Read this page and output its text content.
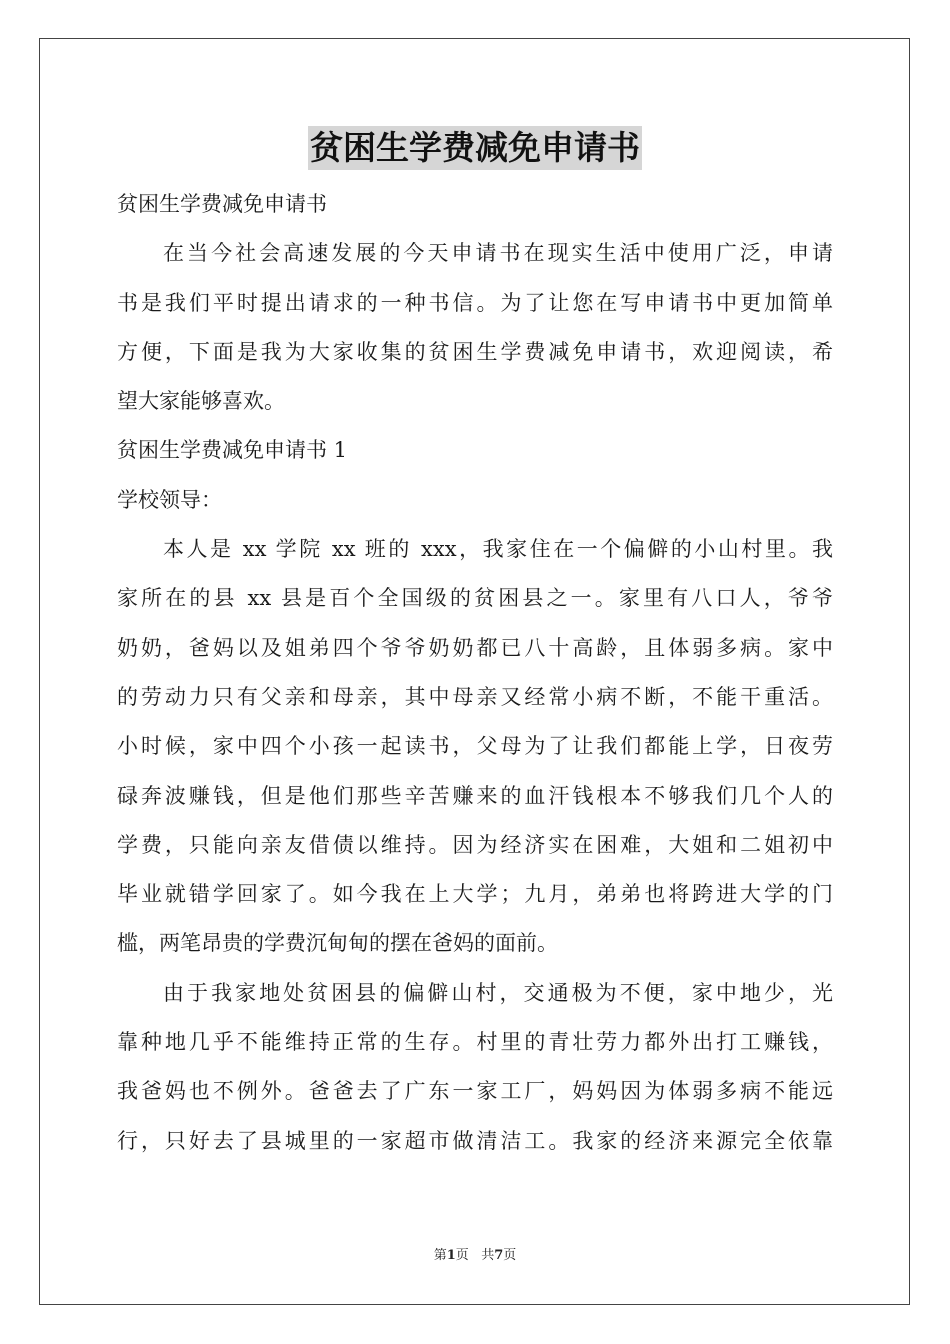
贫困生学费减免申请书

贫困生学费减免申请书

在当今社会高速发展的今天申请书在现实生活中使用广泛，申请

书是我们平时提出请求的一种书信。为了让您在写申请书中更加简单

方便，下面是我为大家收集的贫困生学费减免申请书，欢迎阅读，希

望大家能够喜欢。

贫困生学费减免申请书 1

学校领导：

本人是 xx 学院 xx 班的 xxx，我家住在一个偏僻的小山村里。我

家所在的县 xx 县是百个全国级的贫困县之一。家里有八口人，爷爷

奶奶，爸妈以及姐弟四个爷爷奶奶都已八十高龄，且体弱多病。家中

的劳动力只有父亲和母亲，其中母亲又经常小病不断，不能干重活。

小时候，家中四个小孩一起读书，父母为了让我们都能上学，日夜劳

碌奔波赚钱，但是他们那些辛苦赚来的血汗钱根本不够我们几个人的

学费，只能向亲友借债以维持。因为经济实在困难，大姐和二姐初中

毕业就错学回家了。如今我在上大学；九月，弟弟也将跨进大学的门

槛，两笔昂贵的学费沉甸甸的摆在爸妈的面前。

由于我家地处贫困县的偏僻山村，交通极为不便，家中地少，光

靠种地几乎不能维持正常的生存。村里的青壮劳力都外出打工赚钱，

我爸妈也不例外。爸爸去了广东一家工厂，妈妈因为体弱多病不能远

行，只好去了县城里的一家超市做清洁工。我家的经济来源完全依靠

第1页 共7页
